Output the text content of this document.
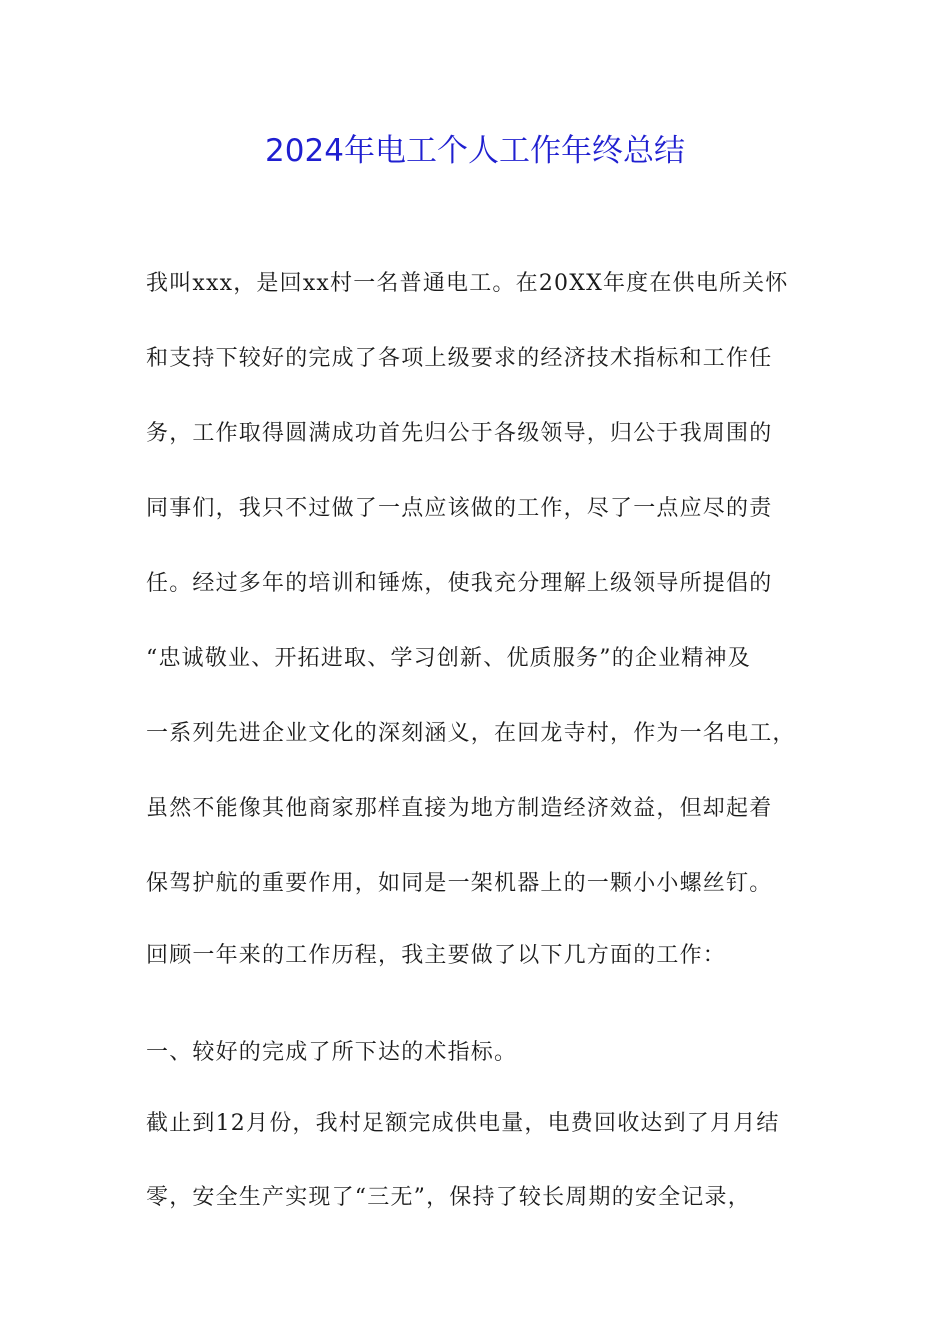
2024年电工个人工作年终总结
我叫xxx，是回xx村一名普通电工。在20XX年度在供电所关怀
和支持下较好的完成了各项上级要求的经济技术指标和工作任
务，工作取得圆满成功首先归公于各级领导，归公于我周围的
同事们，我只不过做了一点应该做的工作，尽了一点应尽的责
任。经过多年的培训和锤炼，使我充分理解上级领导所提倡的
“忠诚敬业、开拓进取、学习创新、优质服务”的企业精神及
一系列先进企业文化的深刻涵义，在回龙寺村，作为一名电工，
虽然不能像其他商家那样直接为地方制造经济效益，但却起着
保驾护航的重要作用，如同是一架机器上的一颗小小螺丝钉。
回顾一年来的工作历程，我主要做了以下几方面的工作：
一、较好的完成了所下达的术指标。
截止到12月份，我村足额完成供电量，电费回收达到了月月结
零，安全生产实现了“三无”，保持了较长周期的安全记录，
